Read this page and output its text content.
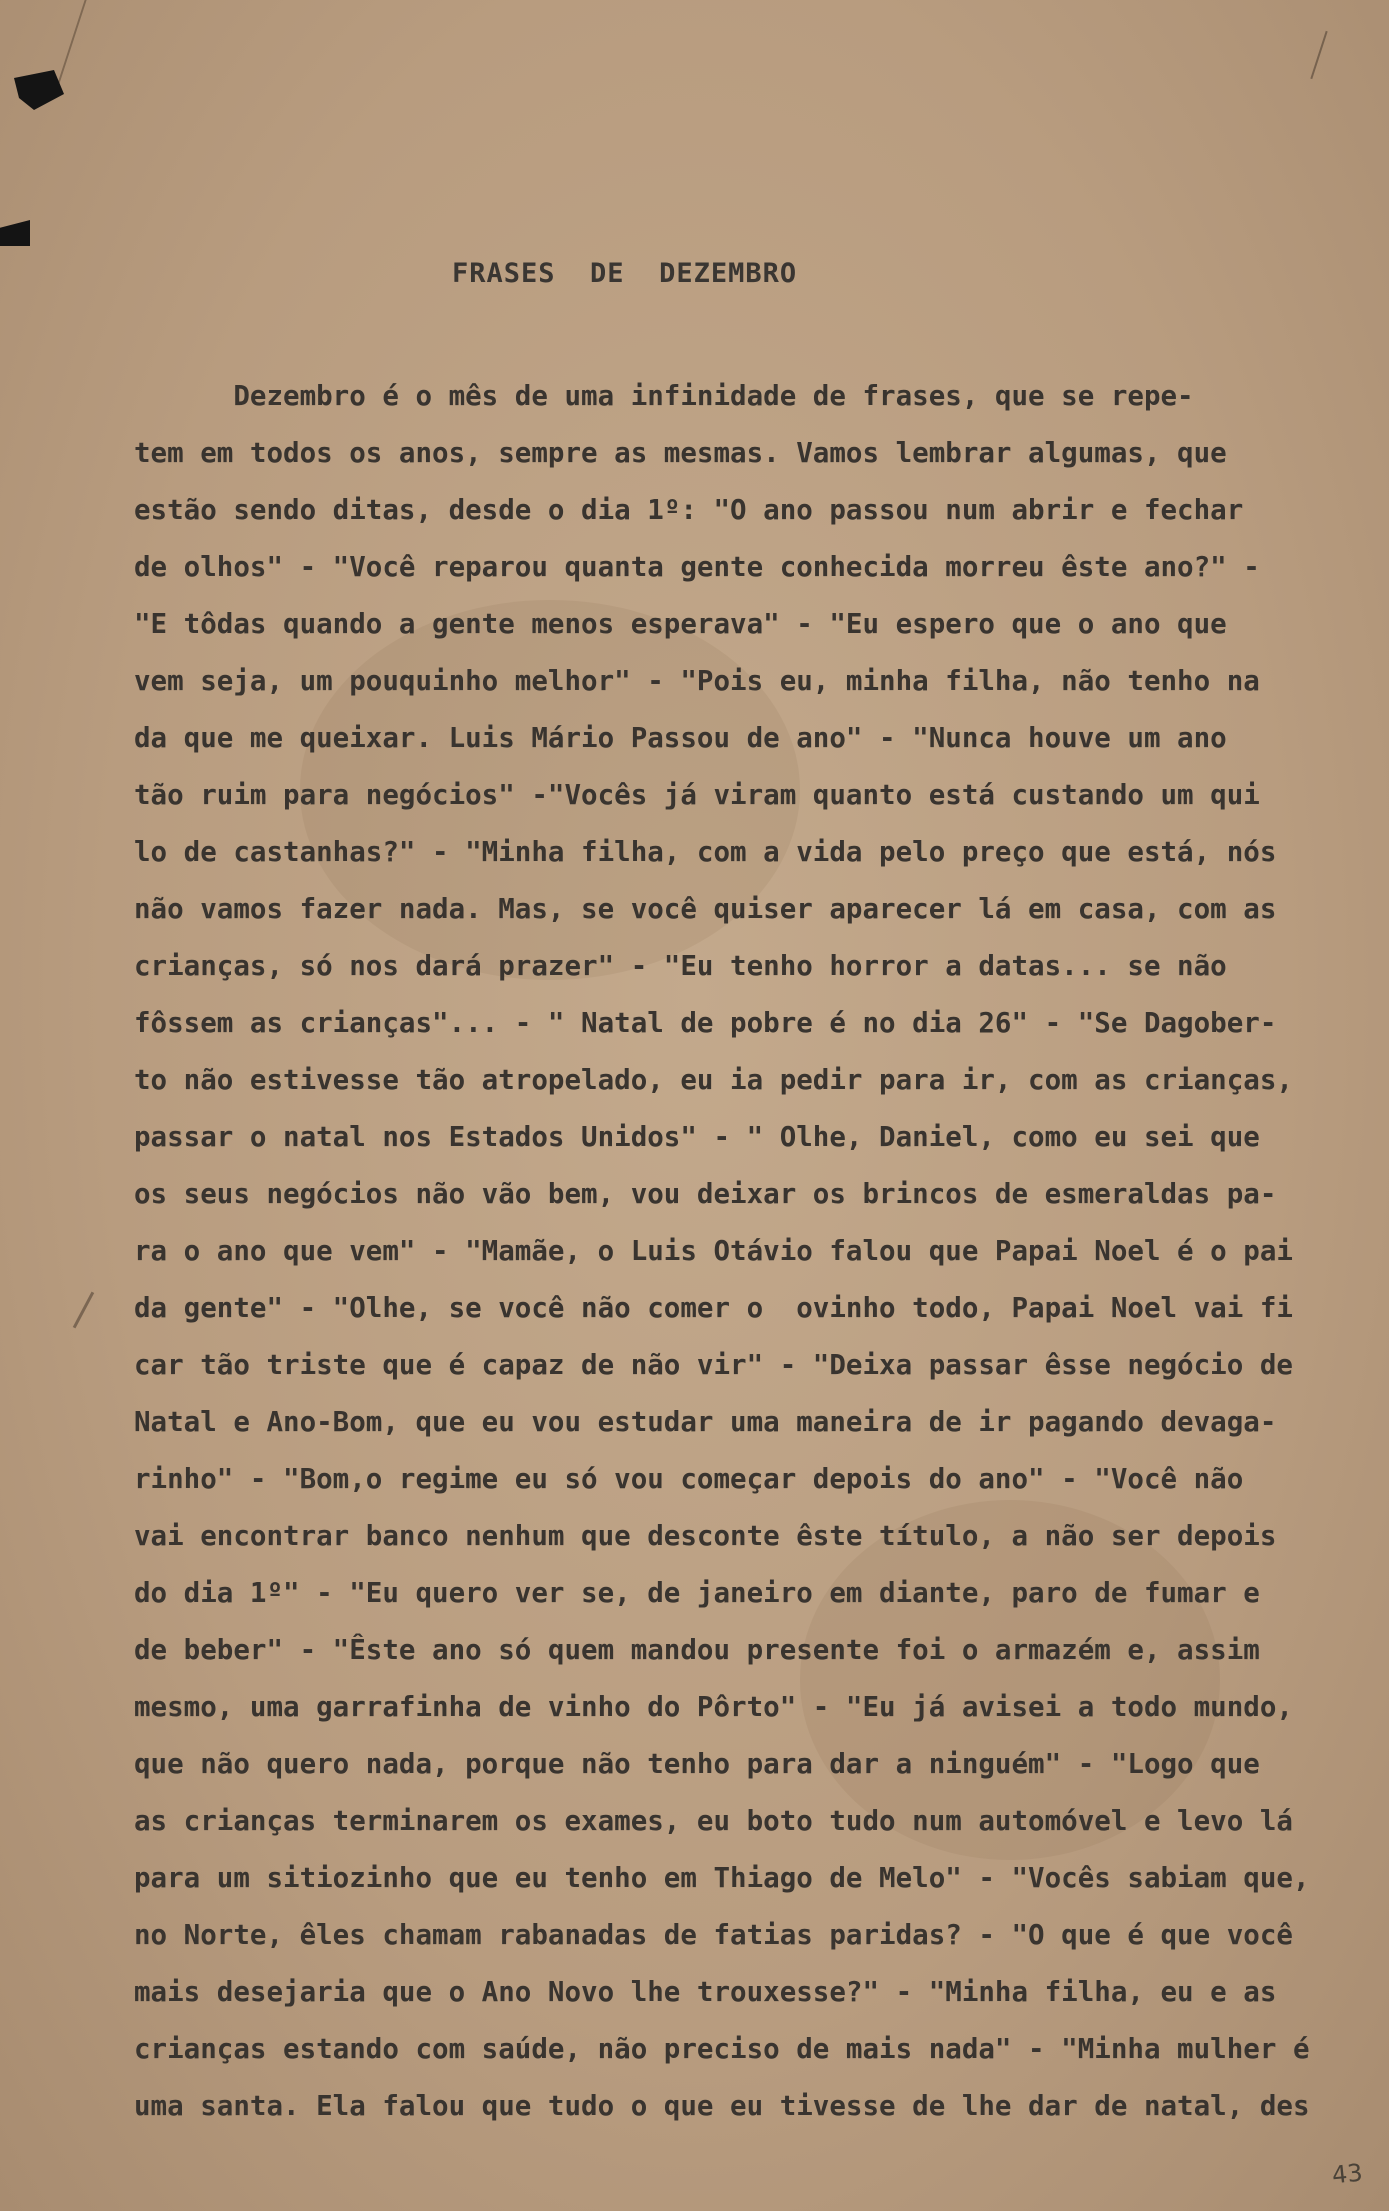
FRASES  DE  DEZEMBRO
Dezembro é o mês de uma infinidade de frases, que se repe-
tem em todos os anos, sempre as mesmas. Vamos lembrar algumas, que
estão sendo ditas, desde o dia 1º: "O ano passou num abrir e fechar
de olhos" - "Você reparou quanta gente conhecida morreu êste ano?" -
"E tôdas quando a gente menos esperava" - "Eu espero que o ano que
vem seja, um pouquinho melhor" - "Pois eu, minha filha, não tenho na
da que me queixar. Luis Mário Passou de ano" - "Nunca houve um ano
tão ruim para negócios" -"Vocês já viram quanto está custando um qui
lo de castanhas?" - "Minha filha, com a vida pelo preço que está, nós
não vamos fazer nada. Mas, se você quiser aparecer lá em casa, com as
crianças, só nos dará prazer" - "Eu tenho horror a datas... se não
fôssem as crianças"... - " Natal de pobre é no dia 26" - "Se Dagober-
to não estivesse tão atropelado, eu ia pedir para ir, com as crianças,
passar o natal nos Estados Unidos" - " Olhe, Daniel, como eu sei que
os seus negócios não vão bem, vou deixar os brincos de esmeraldas pa-
ra o ano que vem" - "Mamãe, o Luis Otávio falou que Papai Noel é o pai
da gente" - "Olhe, se você não comer o  ovinho todo, Papai Noel vai fi
car tão triste que é capaz de não vir" - "Deixa passar êsse negócio de
Natal e Ano-Bom, que eu vou estudar uma maneira de ir pagando devaga-
rinho" - "Bom,o regime eu só vou começar depois do ano" - "Você não
vai encontrar banco nenhum que desconte êste título, a não ser depois
do dia 1º" - "Eu quero ver se, de janeiro em diante, paro de fumar e
de beber" - "Êste ano só quem mandou presente foi o armazém e, assim
mesmo, uma garrafinha de vinho do Pôrto" - "Eu já avisei a todo mundo,
que não quero nada, porque não tenho para dar a ninguém" - "Logo que
as crianças terminarem os exames, eu boto tudo num automóvel e levo lá
para um sitiozinho que eu tenho em Thiago de Melo" - "Vocês sabiam que,
no Norte, êles chamam rabanadas de fatias paridas? - "O que é que você
mais desejaria que o Ano Novo lhe trouxesse?" - "Minha filha, eu e as
crianças estando com saúde, não preciso de mais nada" - "Minha mulher é
uma santa. Ela falou que tudo o que eu tivesse de lhe dar de natal, des
43
